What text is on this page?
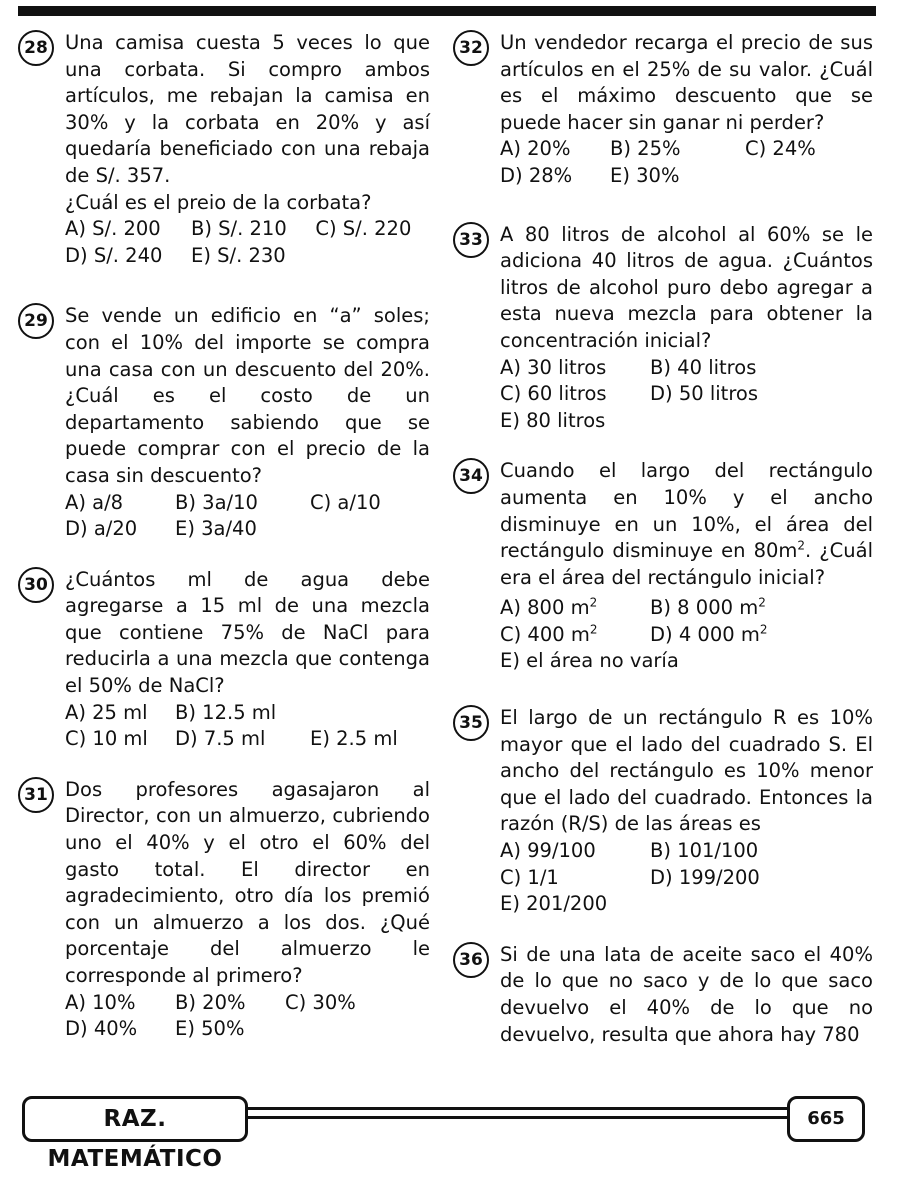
28 Una camisa cuesta 5 veces lo que una corbata. Si compro ambos artículos, me rebajan la camisa en 30% y la corbata en 20% y así quedaría beneficiado con una rebaja de S/. 357.
¿Cuál es el preio de la corbata?
A) S/. 200	B) S/. 210	C) S/. 220
D) S/. 240	E) S/. 230
29 Se vende un edificio en “a” soles; con el 10% del importe se compra una casa con un descuento del 20%. ¿Cuál es el costo de un departamento sabiendo que se puede comprar con el precio de la casa sin descuento?
A) a/8	B) 3a/10	C) a/10
D) a/20	E) 3a/40
30 ¿Cuántos ml de agua debe agregarse a 15 ml de una mezcla que contiene 75% de NaCl para reducirla a una mezcla que contenga el 50% de NaCl?
A) 25 ml	B) 12.5 ml
C) 10 ml	D) 7.5 ml	E) 2.5 ml
31 Dos profesores agasajaron al Director, con un almuerzo, cubriendo uno el 40% y el otro el 60% del gasto total. El director en agradecimiento, otro día los premió con un almuerzo a los dos. ¿Qué porcentaje del almuerzo le corresponde al primero?
A) 10%	B) 20%	C) 30%
D) 40%	E) 50%
32 Un vendedor recarga el precio de sus artículos en el 25% de su valor. ¿Cuál es el máximo descuento que se puede hacer sin ganar ni perder?
A) 20%	B) 25%	C) 24%
D) 28%	E) 30%
33 A 80 litros de alcohol al 60% se le adiciona 40 litros de agua. ¿Cuántos litros de alcohol puro debo agregar a esta nueva mezcla para obtener la concentración inicial?
A) 30 litros	B) 40 litros
C) 60 litros	D) 50 litros
E) 80 litros
34 Cuando el largo del rectángulo aumenta en 10% y el ancho disminuye en un 10%, el área del rectángulo disminuye en $80m^2$. ¿Cuál era el área del rectángulo inicial?
A) 800 $m^2$	B) 8 000 $m^2$
C) 400 $m^2$	D) 4 000 $m^2$
E) el área no varía
35 El largo de un rectángulo R es 10% mayor que el lado del cuadrado S. El ancho del rectángulo es 10% menor que el lado del cuadrado. Entonces la razón (R/S) de las áreas es
A) 99/100	B) 101/100
C) 1/1	D) 199/200
E) 201/200
36 Si de una lata de aceite saco el 40% de lo que no saco y de lo que saco devuelvo el 40% de lo que no devuelvo, resulta que ahora hay 780
RAZ. MATEMÁTICO
665
